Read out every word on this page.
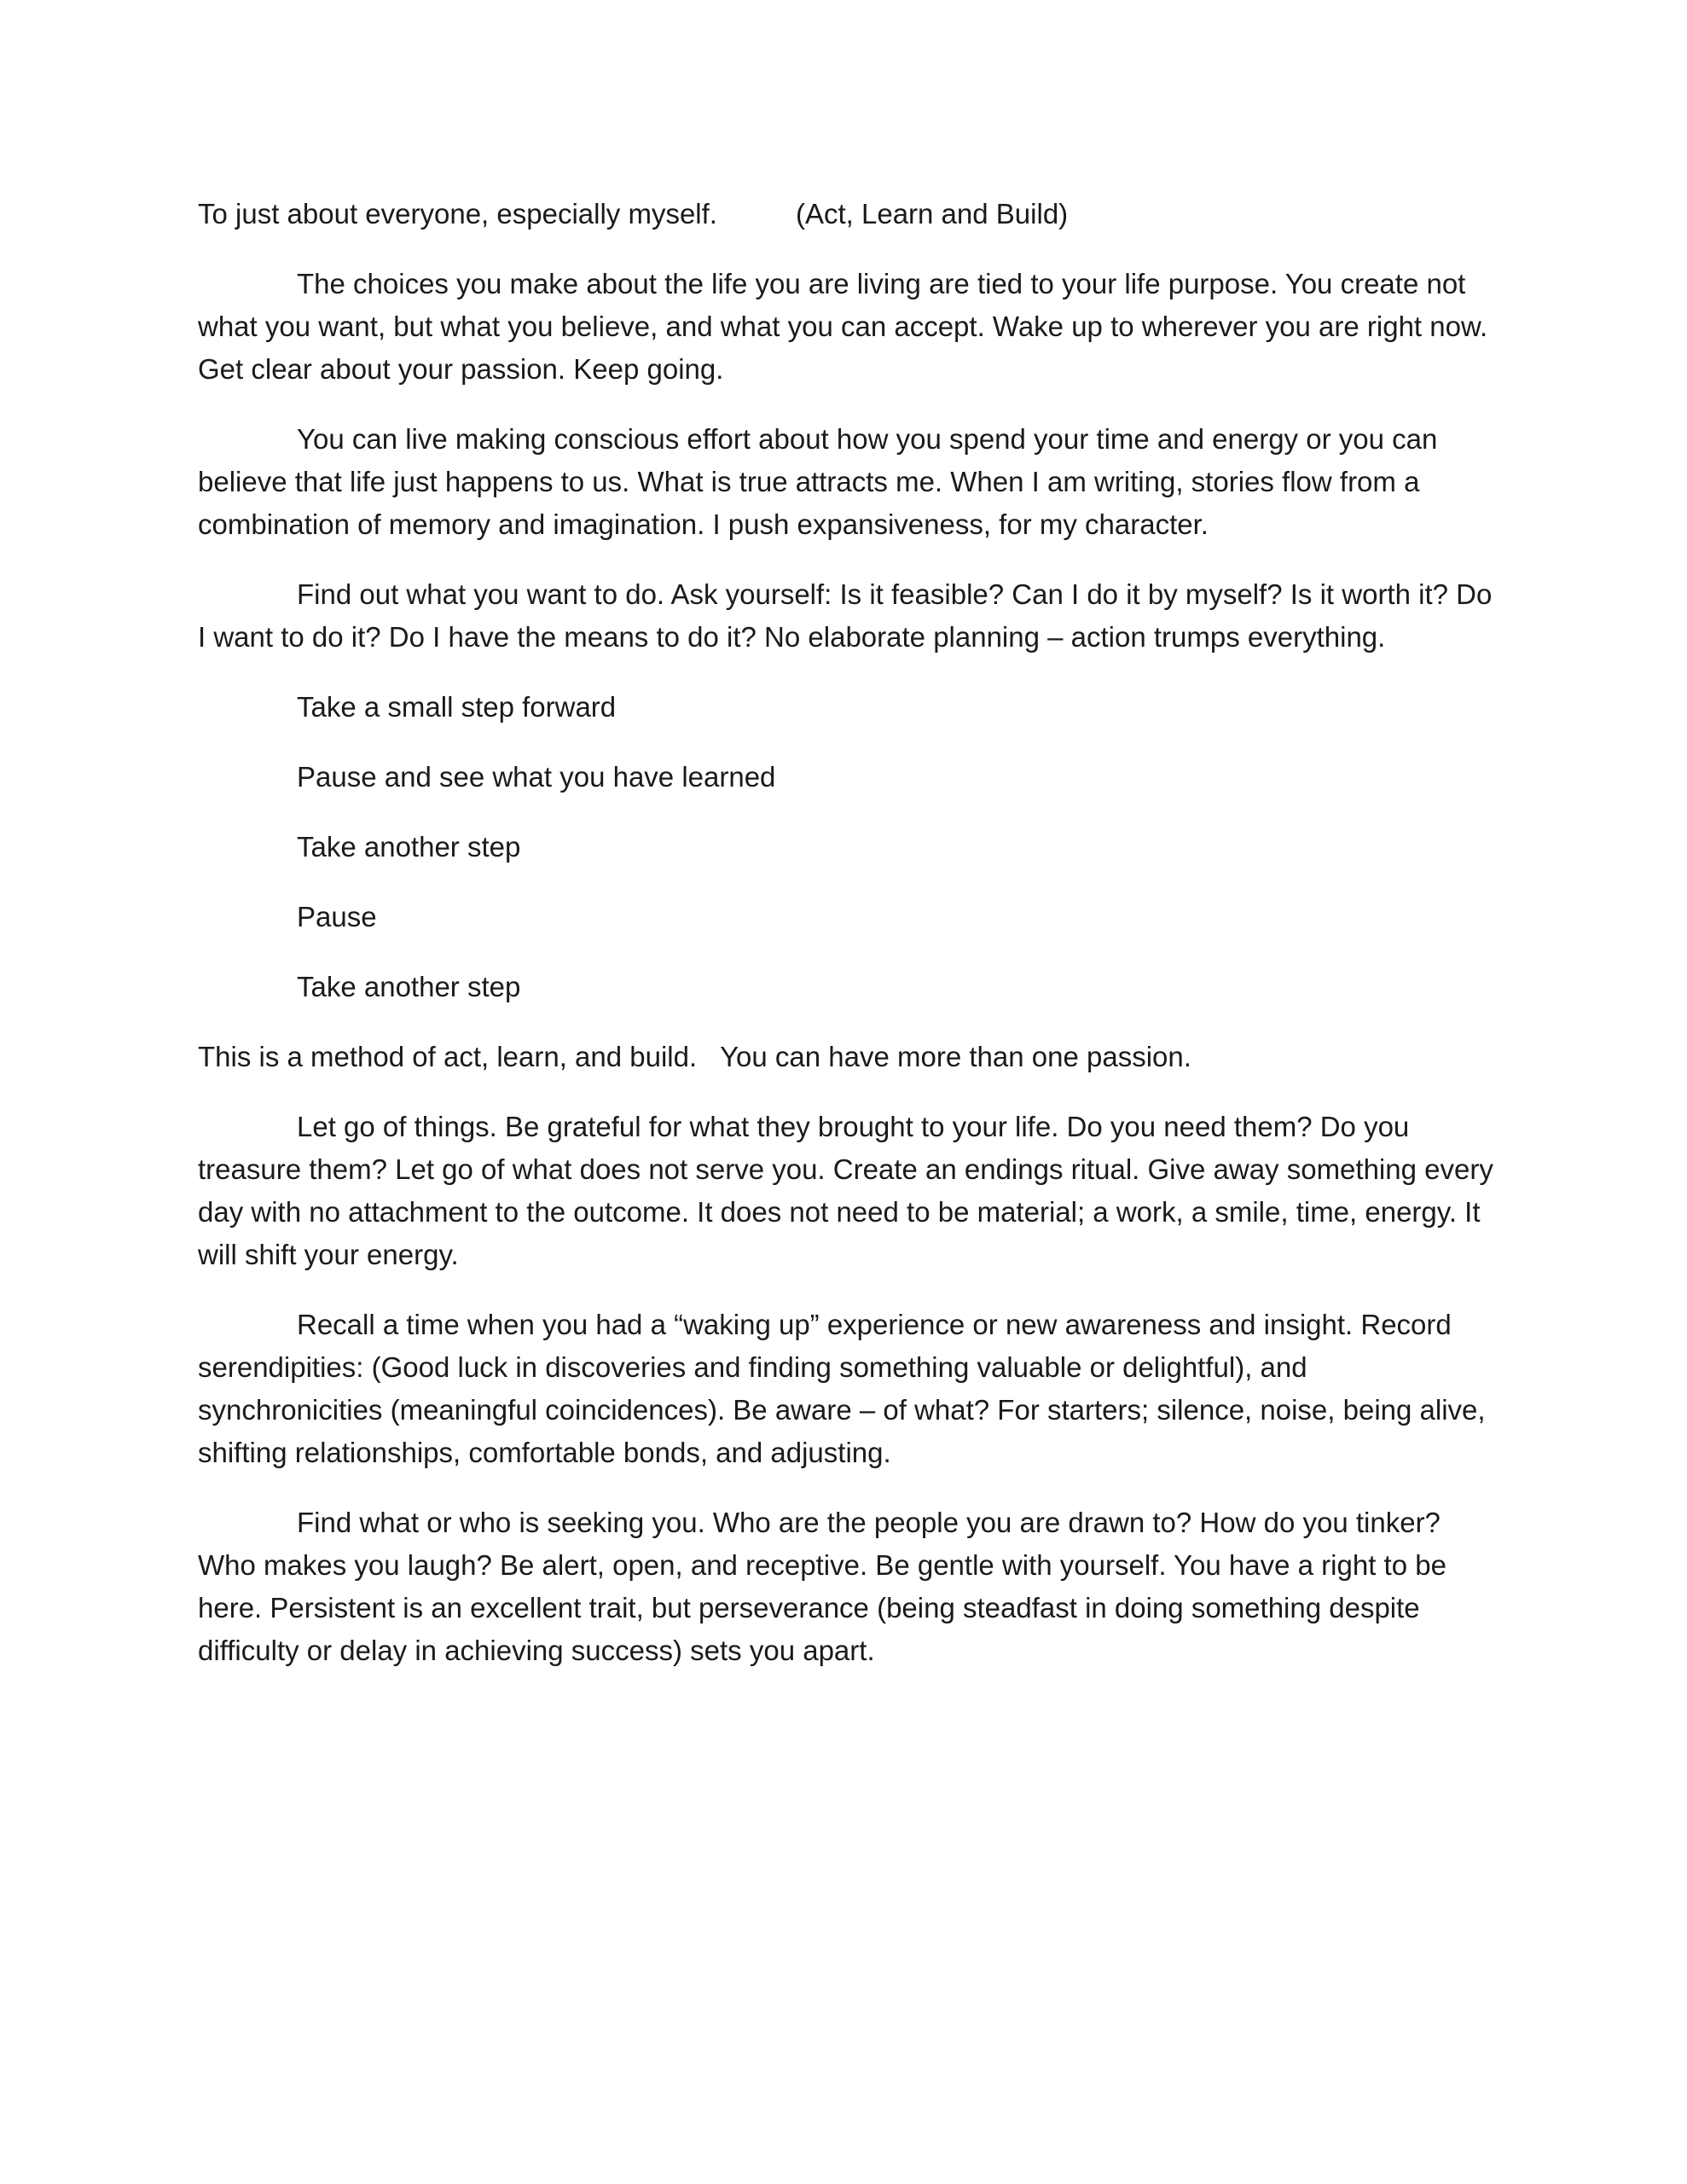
To just about everyone, especially myself.	(Act, Learn and Build)

The choices you make about the life you are living are tied to your life purpose. You create not what you want, but what you believe, and what you can accept. Wake up to wherever you are right now. Get clear about your passion. Keep going.

You can live making conscious effort about how you spend your time and energy or you can believe that life just happens to us. What is true attracts me. When I am writing, stories flow from a combination of memory and imagination. I push expansiveness, for my character.

Find out what you want to do. Ask yourself: Is it feasible? Can I do it by myself? Is it worth it? Do I want to do it? Do I have the means to do it? No elaborate planning – action trumps everything.

Take a small step forward

Pause and see what you have learned

Take another step

Pause

Take another step

This is a method of act, learn, and build.   You can have more than one passion.

Let go of things. Be grateful for what they brought to your life. Do you need them? Do you treasure them? Let go of what does not serve you. Create an endings ritual. Give away something every day with no attachment to the outcome. It does not need to be material; a work, a smile, time, energy. It will shift your energy.

Recall a time when you had a “waking up” experience or new awareness and insight. Record serendipities: (Good luck in discoveries and finding something valuable or delightful), and synchronicities (meaningful coincidences). Be aware – of what? For starters; silence, noise, being alive, shifting relationships, comfortable bonds, and adjusting.

Find what or who is seeking you. Who are the people you are drawn to? How do you tinker? Who makes you laugh? Be alert, open, and receptive. Be gentle with yourself. You have a right to be here. Persistent is an excellent trait, but perseverance (being steadfast in doing something despite difficulty or delay in achieving success) sets you apart.
